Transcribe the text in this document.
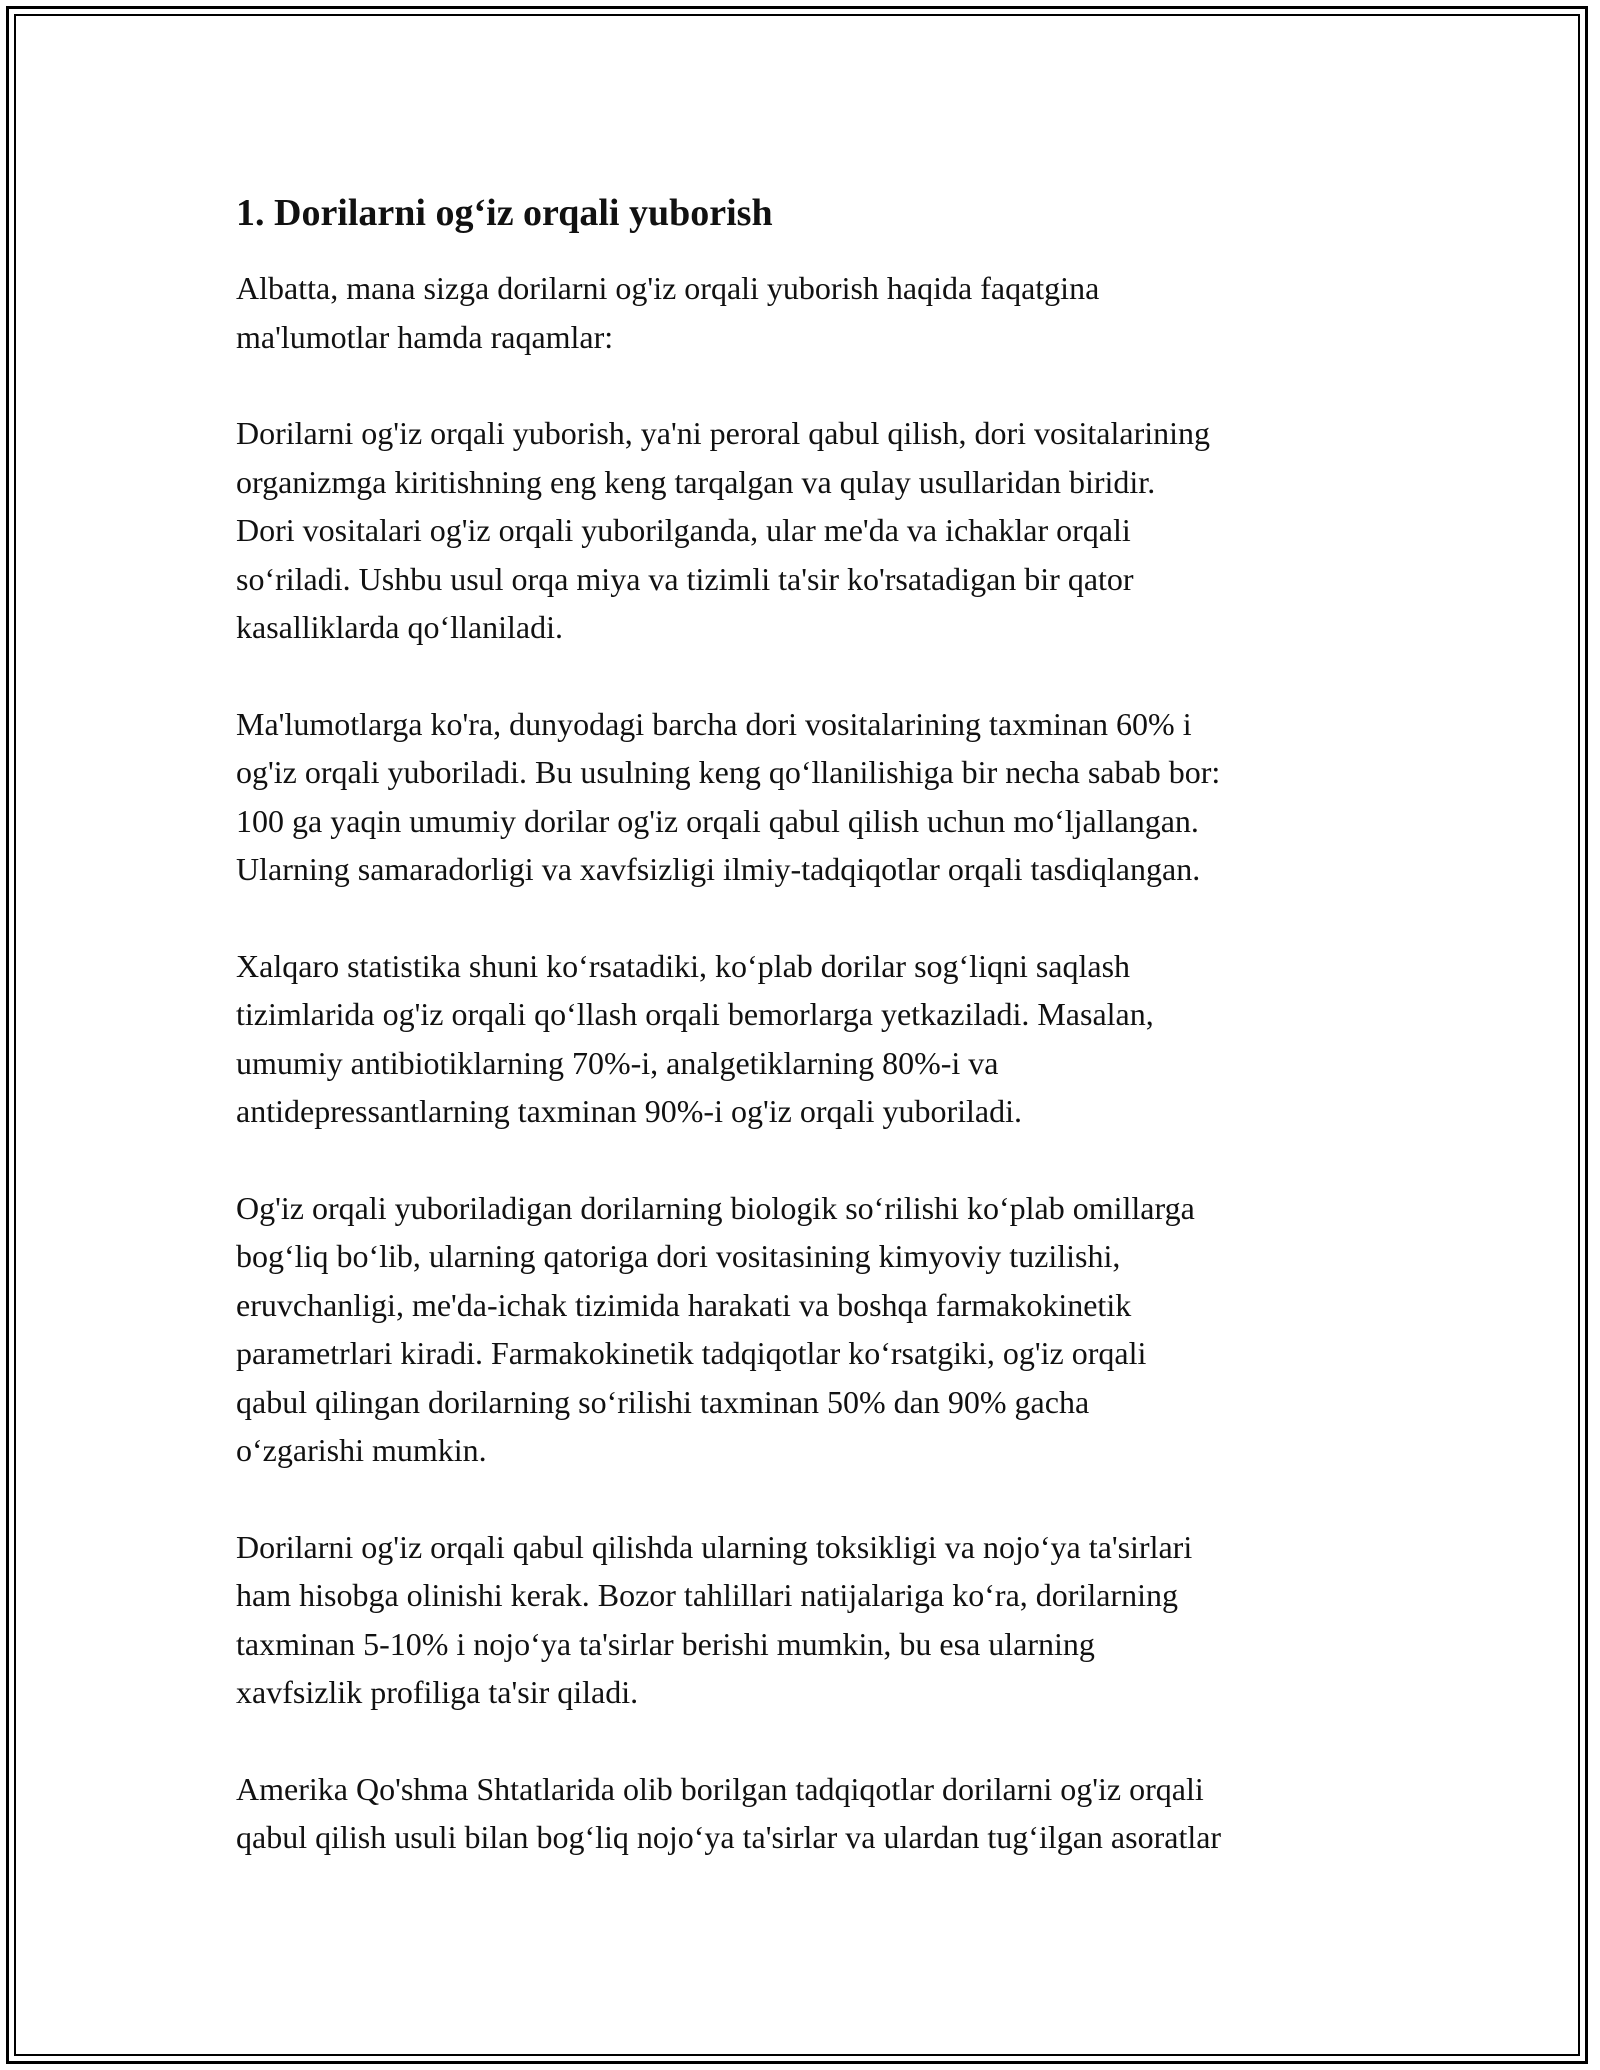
1. Dorilarni og‘iz orqali yuborish

Albatta, mana sizga dorilarni og'iz orqali yuborish haqida faqatgina
ma'lumotlar hamda raqamlar:

Dorilarni og'iz orqali yuborish, ya'ni peroral qabul qilish, dori vositalarining
organizmga kiritishning eng keng tarqalgan va qulay usullaridan biridir.
Dori vositalari og'iz orqali yuborilganda, ular me'da va ichaklar orqali
so‘riladi. Ushbu usul orqa miya va tizimli ta'sir ko'rsatadigan bir qator
kasalliklarda qo‘llaniladi.

Ma'lumotlarga ko'ra, dunyodagi barcha dori vositalarining taxminan 60% i
og'iz orqali yuboriladi. Bu usulning keng qo‘llanilishiga bir necha sabab bor:
100 ga yaqin umumiy dorilar og'iz orqali qabul qilish uchun mo‘ljallangan.
Ularning samaradorligi va xavfsizligi ilmiy-tadqiqotlar orqali tasdiqlangan.

Xalqaro statistika shuni ko‘rsatadiki, ko‘plab dorilar sog‘liqni saqlash
tizimlarida og'iz orqali qo‘llash orqali bemorlarga yetkaziladi. Masalan,
umumiy antibiotiklarning 70%-i, analgetiklarning 80%-i va
antidepressantlarning taxminan 90%-i og'iz orqali yuboriladi.

Og'iz orqali yuboriladigan dorilarning biologik so‘rilishi ko‘plab omillarga
bog‘liq bo‘lib, ularning qatoriga dori vositasining kimyoviy tuzilishi,
eruvchanligi, me'da-ichak tizimida harakati va boshqa farmakokinetik
parametrlari kiradi. Farmakokinetik tadqiqotlar ko‘rsatgiki, og'iz orqali
qabul qilingan dorilarning so‘rilishi taxminan 50% dan 90% gacha
o‘zgarishi mumkin.

Dorilarni og'iz orqali qabul qilishda ularning toksikligi va nojo‘ya ta'sirlari
ham hisobga olinishi kerak. Bozor tahlillari natijalariga ko‘ra, dorilarning
taxminan 5-10% i nojo‘ya ta'sirlar berishi mumkin, bu esa ularning
xavfsizlik profiliga ta'sir qiladi.

Amerika Qo'shma Shtatlarida olib borilgan tadqiqotlar dorilarni og'iz orqali
qabul qilish usuli bilan bog‘liq nojo‘ya ta'sirlar va ulardan tug‘ilgan asoratlar
